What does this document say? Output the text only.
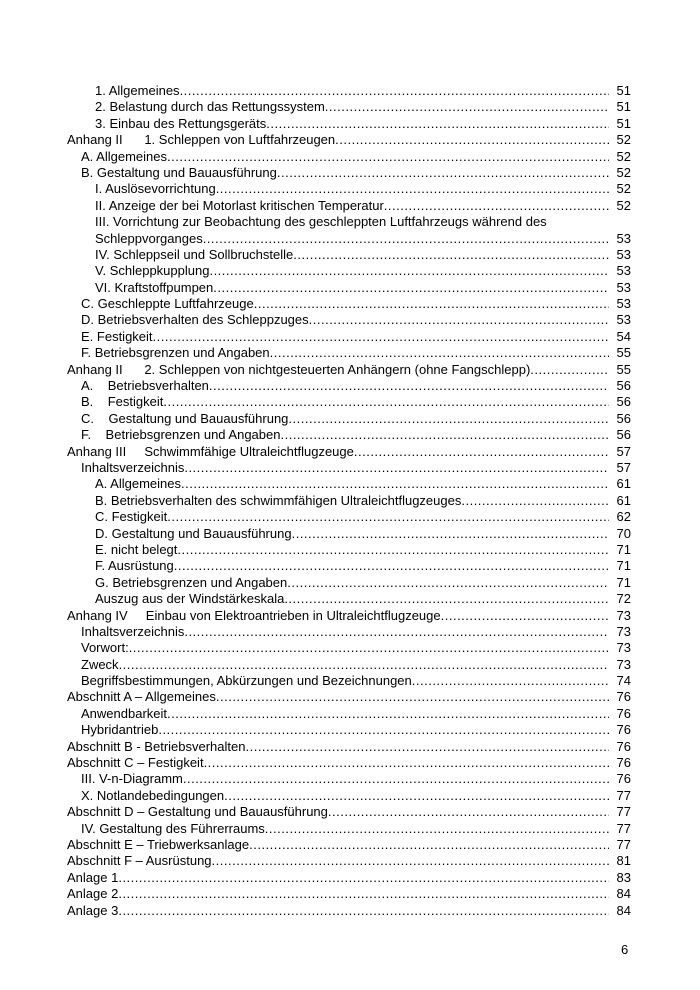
1. Allgemeines .....	51
2. Belastung durch das Rettungssystem .....	51
3. Einbau des Rettungsgeräts .....	51
Anhang II      1. Schleppen von Luftfahrzeugen .....	52
A. Allgemeines .....	52
B. Gestaltung und Bauausführung .....	52
I. Auslösevorrichtung .....	52
II. Anzeige der bei Motorlast kritischen Temperatur .....	52
III. Vorrichtung zur Beobachtung des geschleppten Luftfahrzeugs während des
Schleppvorganges .....	53
IV. Schleppseil und Sollbruchstelle .....	53
V. Schleppkupplung .....	53
VI. Kraftstoffpumpen .....	53
C. Geschleppte Luftfahrzeuge .....	53
D. Betriebsverhalten des Schleppzuges .....	53
E. Festigkeit .....	54
F. Betriebsgrenzen und Angaben .....	55
Anhang II      2. Schleppen von nichtgesteuerten Anhängern (ohne Fangschlepp) .....	55
A.    Betriebsverhalten .....	56
B.    Festigkeit .....	56
C.    Gestaltung und Bauausführung .....	56
F.    Betriebsgrenzen und Angaben .....	56
Anhang III     Schwimmfähige Ultraleichtflugzeuge .....	57
Inhaltsverzeichnis .....	57
A. Allgemeines .....	61
B. Betriebsverhalten des schwimmfähigen Ultraleichtflugzeuges .....	61
C. Festigkeit .....	62
D. Gestaltung und Bauausführung .....	70
E. nicht belegt .....	71
F. Ausrüstung .....	71
G. Betriebsgrenzen und Angaben .....	71
Auszug aus der Windstärkeskala .....	72
Anhang IV     Einbau von Elektroantrieben in Ultraleichtflugzeuge .....	73
Inhaltsverzeichnis .....	73
Vorwort: .....	73
Zweck .....	73
Begriffsbestimmungen, Abkürzungen und Bezeichnungen .....	74
Abschnitt A – Allgemeines .....	76
Anwendbarkeit .....	76
Hybridantrieb .....	76
Abschnitt B - Betriebsverhalten .....	76
Abschnitt C – Festigkeit .....	76
III. V-n-Diagramm .....	76
X. Notlandebedingungen .....	77
Abschnitt D – Gestaltung und Bauausführung .....	77
IV. Gestaltung des Führerraums .....	77
Abschnitt E – Triebwerksanlage .....	77
Abschnitt F – Ausrüstung .....	81
Anlage 1 .....	83
Anlage 2 .....	84
Anlage 3 .....	84
6
